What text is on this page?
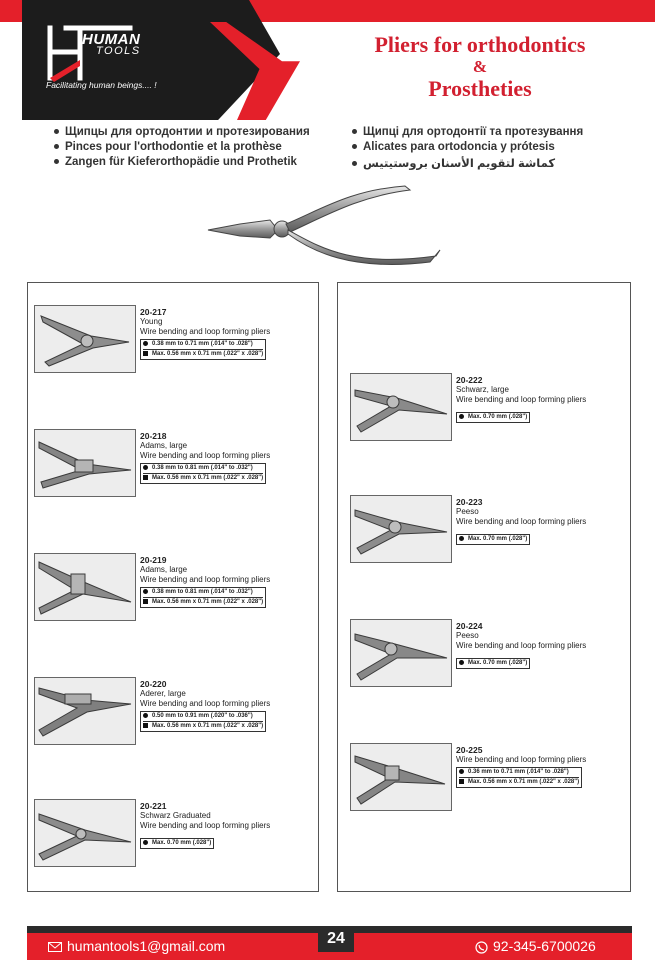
HUMAN
TOOLS
Facilitating human beings.... !
Pliers for orthodontics
&
Prostheties
Щипцы для ортодонтии и протезирования
Pinces pour l'orthodontie et la prothèse
Zangen für Kieferorthopädie und Prothetik
Щипці для ортодонтії та протезування
Alicates para ortodoncia y prótesis
كماشة لتقويم الأسنان بروستيتيس
20-217
Young
Wire bending and loop forming pliers
0.38 mm to 0.71 mm (.014" to .028")
Max. 0.56 mm x 0.71 mm (.022" x .028")
20-218
Adams, large
Wire bending and loop forming pliers
0.38 mm to 0.81 mm (.014" to .032")
Max. 0.56 mm x 0.71 mm (.022" x .028")
20-219
Adams, large
Wire bending and loop forming pliers
0.38 mm to 0.81 mm (.014" to .032")
Max. 0.56 mm x 0.71 mm (.022" x .028")
20-220
Aderer, large
Wire bending and loop forming pliers
0.50 mm to 0.91 mm (.020" to .036")
Max. 0.56 mm x 0.71 mm (.022" x .028")
20-221
Schwarz Graduated
Wire bending and loop forming pliers
Max. 0.70 mm (.028")
20-222
Schwarz, large
Wire bending and loop forming pliers
Max. 0.70 mm (.028")
20-223
Peeso
Wire bending and loop forming pliers
Max. 0.70 mm (.028")
20-224
Peeso
Wire bending and loop forming pliers
Max. 0.70 mm (.028")
20-225
Wire bending and loop forming pliers
0.36 mm to 0.71 mm (.014" to .028")
Max. 0.56 mm x 0.71 mm (.022" x .028")
24
humantools1@gmail.com	92-345-6700026
